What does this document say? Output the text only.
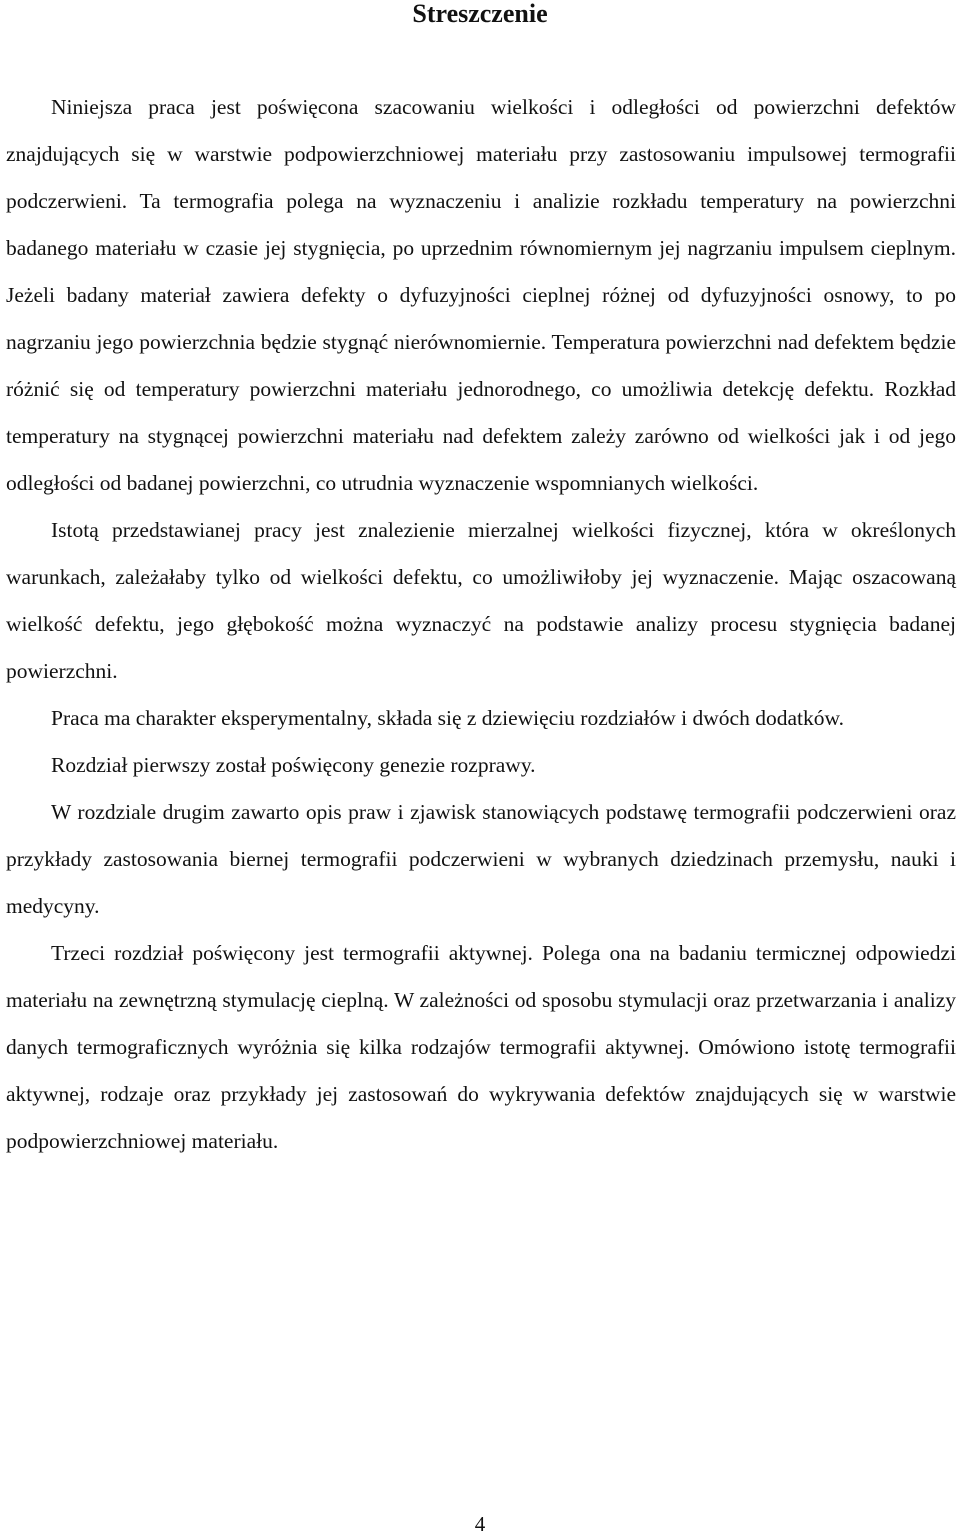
Streszczenie

Niniejsza praca jest poświęcona szacowaniu wielkości i odległości od powierzchni defektów znajdujących się w warstwie podpowierzchniowej materiału przy zastosowaniu impulsowej termografii podczerwieni. Ta termografia polega na wyznaczeniu i analizie rozkładu temperatury na powierzchni badanego materiału w czasie jej stygnięcia, po uprzednim równomiernym jej nagrzaniu impulsem cieplnym. Jeżeli badany materiał zawiera defekty o dyfuzyjności cieplnej różnej od dyfuzyjności osnowy, to po nagrzaniu jego powierzchnia będzie stygnąć nierównomiernie. Temperatura powierzchni nad defektem będzie różnić się od temperatury powierzchni materiału jednorodnego, co umożliwia detekcję defektu. Rozkład temperatury na stygnącej powierzchni materiału nad defektem zależy zarówno od wielkości jak i od jego odległości od badanej powierzchni, co utrudnia wyznaczenie wspomnianych wielkości.

Istotą przedstawianej pracy jest znalezienie mierzalnej wielkości fizycznej, która w określonych warunkach, zależałaby tylko od wielkości defektu, co umożliwiłoby jej wyznaczenie. Mając oszacowaną wielkość defektu, jego głębokość można wyznaczyć na podstawie analizy procesu stygnięcia badanej powierzchni.

Praca ma charakter eksperymentalny, składa się z dziewięciu rozdziałów i dwóch dodatków.

Rozdział pierwszy został poświęcony genezie rozprawy.

W rozdziale drugim zawarto opis praw i zjawisk stanowiących podstawę termografii podczerwieni oraz przykłady zastosowania biernej termografii podczerwieni w wybranych dziedzinach przemysłu, nauki i medycyny.

Trzeci rozdział poświęcony jest termografii aktywnej. Polega ona na badaniu termicznej odpowiedzi materiału na zewnętrzną stymulację cieplną. W zależności od sposobu stymulacji oraz przetwarzania i analizy danych termograficznych wyróżnia się kilka rodzajów termografii aktywnej. Omówiono istotę termografii aktywnej, rodzaje oraz przykłady jej zastosowań do wykrywania defektów znajdujących się w warstwie podpowierzchniowej materiału.

4
